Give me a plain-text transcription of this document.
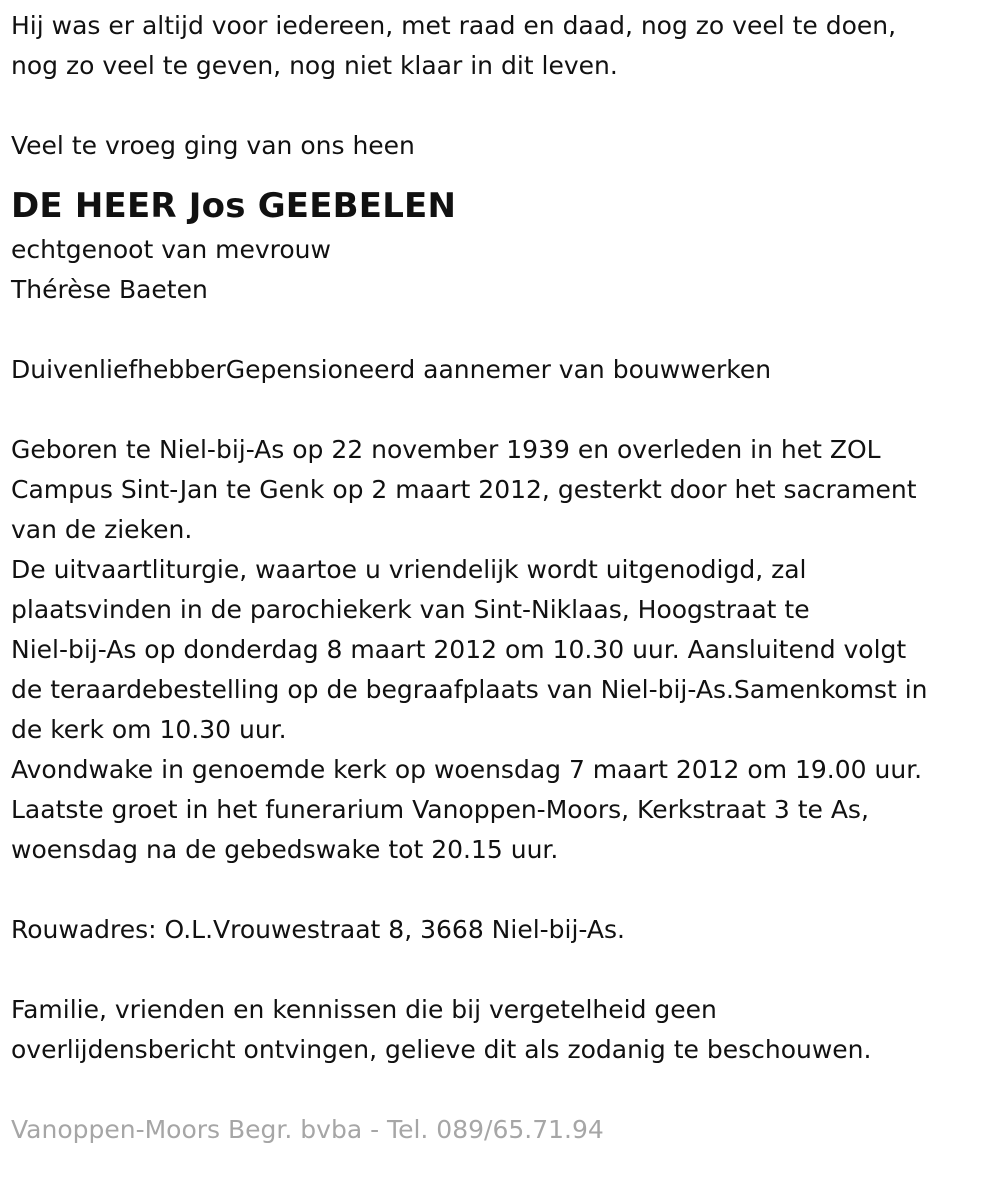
Hij was er altijd voor iedereen, met raad en daad, nog zo veel te doen,

nog zo veel te geven, nog niet klaar in dit leven.

Veel te vroeg ging van ons heen

DE HEER Jos GEEBELEN

echtgenoot van mevrouw

Thérèse Baeten

DuivenliefhebberGepensioneerd aannemer van bouwwerken

Geboren te Niel-bij-As op 22 november 1939 en overleden in het ZOL

Campus Sint-Jan te Genk op 2 maart 2012, gesterkt door het sacrament

van de zieken.

De uitvaartliturgie, waartoe u vriendelijk wordt uitgenodigd, zal

plaatsvinden in de parochiekerk van Sint-Niklaas, Hoogstraat te

Niel-bij-As op donderdag 8 maart 2012 om 10.30 uur. Aansluitend volgt

de teraardebestelling op de begraafplaats van Niel-bij-As.Samenkomst in

de kerk om 10.30 uur.

Avondwake in genoemde kerk op woensdag 7 maart 2012 om 19.00 uur.

Laatste groet in het funerarium Vanoppen-Moors, Kerkstraat 3 te As,

woensdag na de gebedswake tot 20.15 uur.

Rouwadres: O.L.Vrouwestraat 8, 3668 Niel-bij-As.

Familie, vrienden en kennissen die bij vergetelheid geen

overlijdensbericht ontvingen, gelieve dit als zodanig te beschouwen.

Vanoppen-Moors Begr. bvba - Tel. 089/65.71.94
